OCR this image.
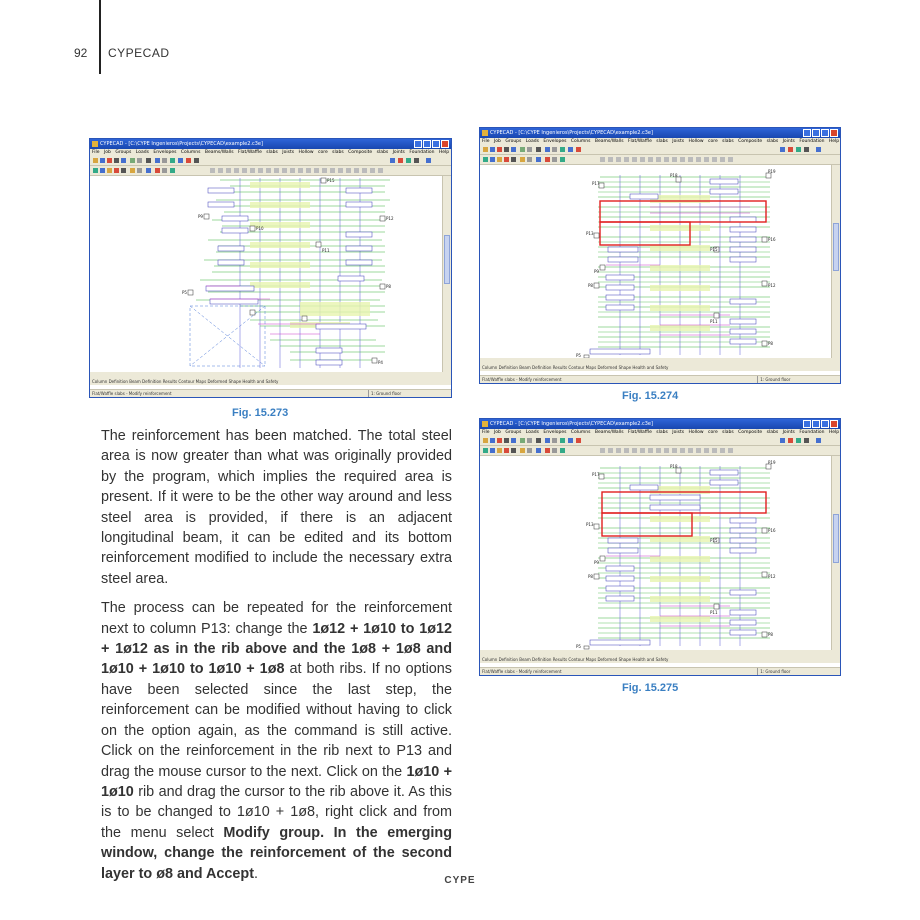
92 CYPECAD
CYPECAD - [C:\CYPE Ingenieros\Projects\CYPECAD\example2.c3e]
File Job Groups Loads Envelopes Columns Beams/Walls Flat/Waffle slabs Joists Hollow core slabs Composite slabs Joints Foundation Help
P15
P9	P12
P10
P11
P8
P5
P4
Column Definition Beam Definition Results Contour Maps Deformed Shape Health and Safety
Flat/Waffle slabs - Modify reinforcement	1: Ground floor
Fig. 15.273
CYPECAD - [C:\CYPE Ingenieros\Projects\CYPECAD\example2.c3e]
File Job Groups Loads Envelopes Columns Beams/Walls Flat/Waffle slabs Joists Hollow core slabs Composite slabs Joints Foundation Help
P17
P18
P19
P13
P16
P15
P9
P12
P8
P11
P8
P5
Column Definition Beam Definition Results Contour Maps Deformed Shape Health and Safety
Flat/Waffle slabs - Modify reinforcement	1: Ground floor
Fig. 15.274
CYPECAD - [C:\CYPE Ingenieros\Projects\CYPECAD\example2.c3e]
File Job Groups Loads Envelopes Columns Beams/Walls Flat/Waffle slabs Joists Hollow core slabs Composite slabs Joints Foundation Help
P17
P18
P19
P13
P16
P15
P9
P12
P8
P11
P8
P5
Column Definition Beam Definition Results Contour Maps Deformed Shape Health and Safety
Flat/Waffle slabs - Modify reinforcement	1: Ground floor
Fig. 15.275

The reinforcement has been matched. The total steel area is now greater than what was originally provided by the program, which implies the required area is present. If it were to be the other way around and less steel area is provided, if there is an adjacent longitudinal beam, it can be edited and its bottom reinforcement modified to include the necessary extra steel area.

The process can be repeated for the reinforcement next to column P13: change the 1ø12 + 1ø10 to 1ø12 + 1ø12 as in the rib above and the 1ø8 + 1ø8 and 1ø10 + 1ø10 to 1ø10 + 1ø8 at both ribs. If no options have been selected since the last step, the reinforcement can be modified without having to click on the option again, as the command is still active. Click on the reinforcement in the rib next to P13 and drag the mouse cursor to the next. Click on the 1ø10 + 1ø10 rib and drag the cursor to the rib above it. As this is to be changed to 1ø10 + 1ø8, right click and from the menu select Modify group. In the emerging window, change the reinforcement of the second layer to ø8 and Accept.	CYPE
